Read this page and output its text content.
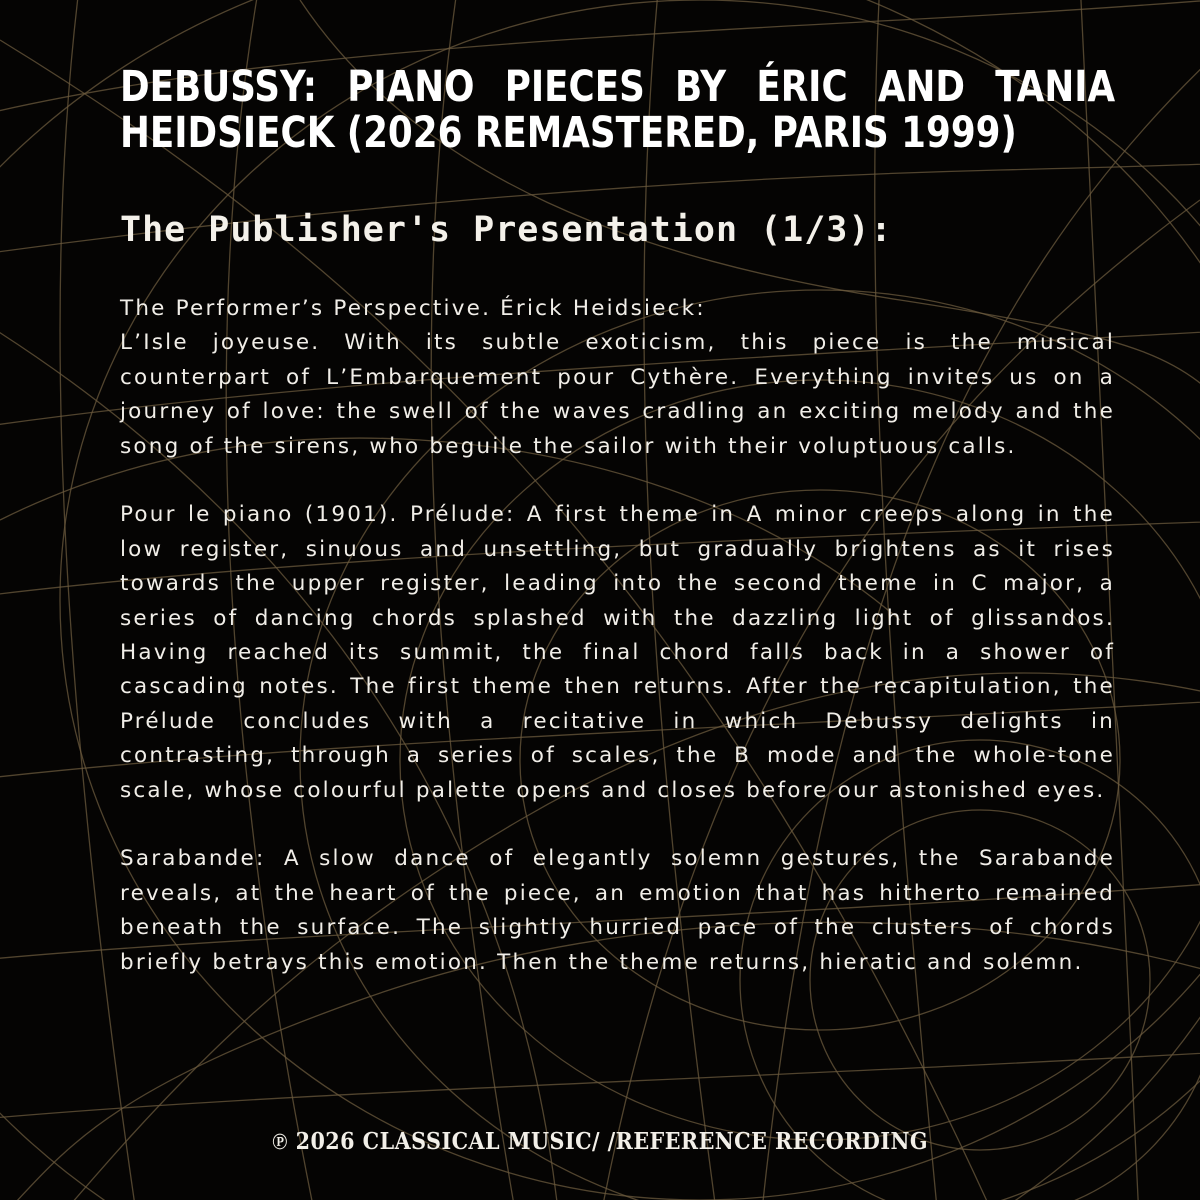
DEBUSSY: PIANO PIECES BY ÉRIC AND TANIA HEIDSIECK (2026 REMASTERED, PARIS 1999)
The Publisher's Presentation (1/3):

The Performer’s Perspective. Érick Heidsieck:
L’Isle joyeuse. With its subtle exoticism, this piece is the musical counterpart of L’Embarquement pour Cythère. Everything invites us on a journey of love: the swell of the waves cradling an exciting melody and the song of the sirens, who beguile the sailor with their voluptuous calls.

Pour le piano (1901). Prélude: A first theme in A minor creeps along in the low register, sinuous and unsettling, but gradually brightens as it rises towards the upper register, leading into the second theme in C major, a series of dancing chords splashed with the dazzling light of glissandos. Having reached its summit, the final chord falls back in a shower of cascading notes. The first theme then returns. After the recapitulation, the Prélude concludes with a recitative in which Debussy delights in contrasting, through a series of scales, the B mode and the whole-tone scale, whose colourful palette opens and closes before our astonished eyes.

Sarabande: A slow dance of elegantly solemn gestures, the Sarabande reveals, at the heart of the piece, an emotion that has hitherto remained beneath the surface. The slightly hurried pace of the clusters of chords briefly betrays this emotion. Then the theme returns, hieratic and solemn.

℗ 2026 CLASSICAL MUSIC/ /REFERENCE RECORDING
